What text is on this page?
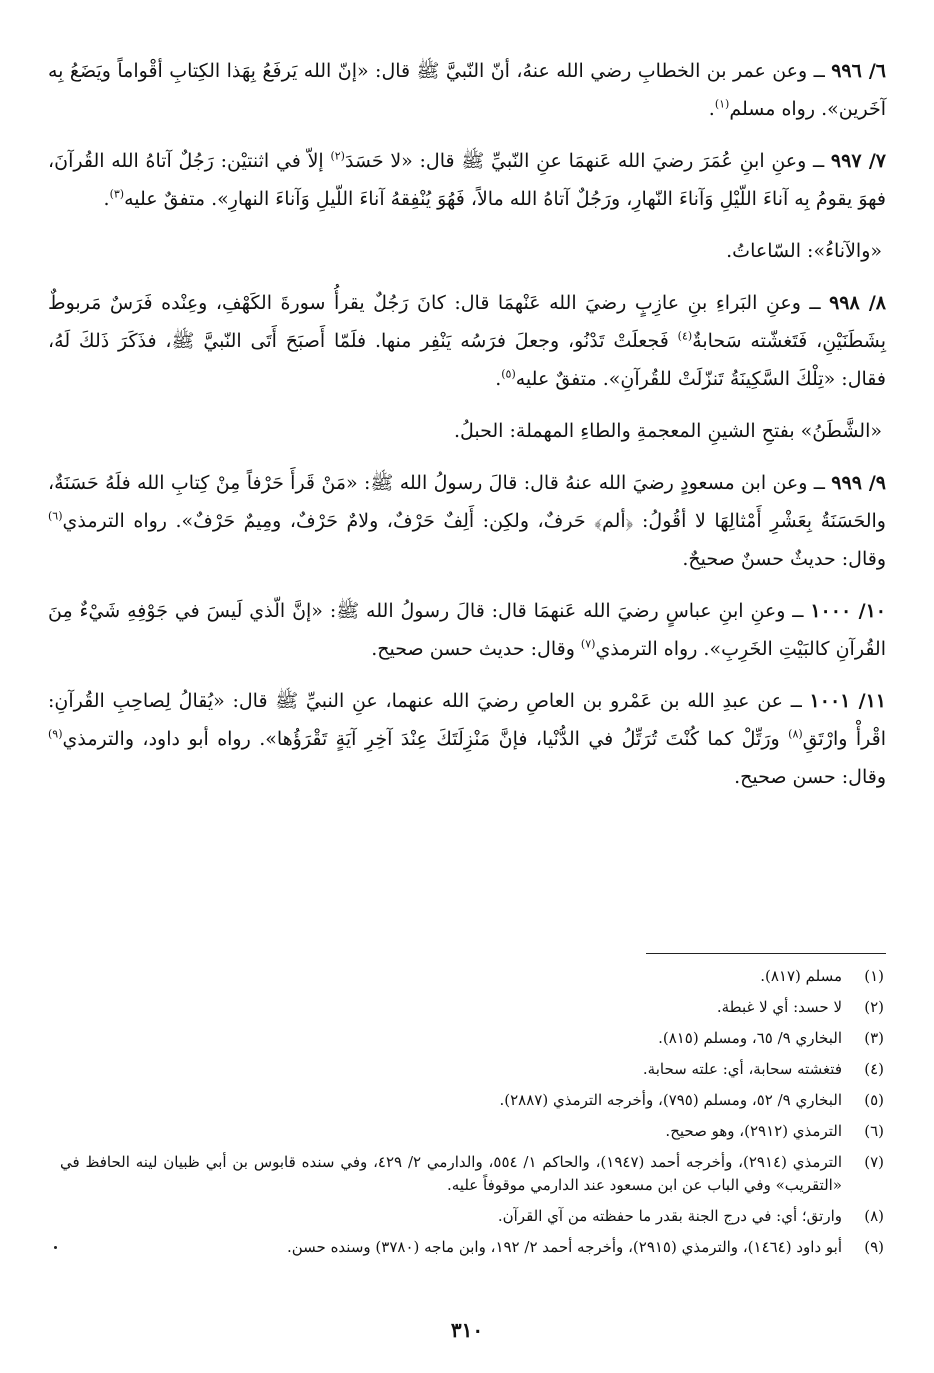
٦/ ٩٩٦ ــ وعن عمر بن الخطابِ رضي الله عنهُ، أنّ النّبيَّ ﷺ قال: «إنّ الله يَرفَعُ بِهَذا الكِتابِ أقْواماً ويَضَعُ بِه آخَرين». رواه مسلم$^{(١)}$.

٧/ ٩٩٧ ــ وعنِ ابنِ عُمَرَ رضيَ الله عَنهمَا عنِ النّبيِّ ﷺ قال: «لا حَسَدَ$^{(٢)}$ إلاّ في اثنتيْن: رَجُلٌ آتاهُ الله القُرآنَ، فهوَ يقومُ بِه آناءَ اللّيْلِ وَآناءَ النّهارِ، ورَجُلٌ آتاهُ الله مالاً، فَهُوَ يُنْفِقهُ آناءَ اللّيلِ وَآناءَ النهارِ». متفقٌ عليه$^{(٣)}$.

«والآناءُ»: السّاعاتُ.

٨/ ٩٩٨ ــ وعنِ البَراءِ بنِ عازِبٍ رضيَ الله عَنْهمَا قال: كانَ رَجُلٌ يقرأُ سورةَ الكَهْفِ، وعِنْده فَرَسٌ مَربوطٌ بِشَطَنَيْنِ، فَتَغشّته سَحابةٌ$^{(٤)}$ فَجعلَتْ تَدْنُو، وجعلَ فرَسُه يَنْفِر منها. فلَمّا أَصبَحَ أَتَى النّبيَّ ﷺ، فذَكَرَ ذَلكَ لَهُ، فقال: «تِلْكَ السَّكِينَةُ تَنزّلَتْ للقُرآنِ». متفقٌ عليه$^{(٥)}$.

«الشَّطَنُ» بفتحِ الشينِ المعجمةِ والطاءِ المهملة: الحبلُ.

٩/ ٩٩٩ ــ وعن ابن مسعودٍ رضيَ الله عنهُ قال: قالَ رسولُ الله ﷺ: «مَنْ قَرأَ حَرْفاً مِنْ كِتابِ الله فلَهُ حَسَنَةٌ، والحَسَنَةُ بِعَشْرِ أَمْثالِهَا لا أقُولُ: ﴿ألم﴾ حَرفٌ، ولكِن: أَلِفٌ حَرْفٌ، ولامٌ حَرْفٌ، ومِيمٌ حَرْفٌ». رواه الترمذي$^{(٦)}$ وقال: حديثٌ حسنٌ صحيحٌ.

١٠/ ١٠٠٠ ــ وعنِ ابنِ عباسٍ رضيَ الله عَنهمَا قال: قالَ رسولُ الله ﷺ: «إنَّ الّذي لَيسَ في جَوْفِهِ شَيْءٌ مِنَ القُرآنِ كالبَيْتِ الخَرِبِ». رواه الترمذي$^{(٧)}$ وقال: حديث حسن صحيح.

١١/ ١٠٠١ ــ عن عبدِ الله بن عَمْرو بن العاصِ رضيَ الله عنهما، عنِ النبيِّ ﷺ قال: «يُقالُ لِصاحِبِ القُرآنِ: اقْرأْ وارْتَقِ$^{(٨)}$ ورَتِّلْ كما كُنْتَ تُرَتِّلُ في الدُّنْيا، فإنَّ مَنْزِلَتَكَ عِنْدَ آخِرِ آيَةٍ تَقْرَؤُها». رواه أبو داود، والترمذي$^{(٩)}$ وقال: حسن صحيح.

(١)
مسلم (٨١٧).
(٢)
لا حسد: أي لا غبطة.
(٣)
البخاري ٩/ ٦٥، ومسلم (٨١٥).
(٤)
فتغشته سحابة، أي: علته سحابة.
(٥)
البخاري ٩/ ٥٢، ومسلم (٧٩٥)، وأخرجه الترمذي (٢٨٨٧).
(٦)
الترمذي (٢٩١٢)، وهو صحيح.
(٧)
الترمذي (٢٩١٤)، وأخرجه أحمد (١٩٤٧)، والحاكم ١/ ٥٥٤، والدارمي ٢/ ٤٢٩، وفي سنده قابوس بن أبي ظبيان لينه الحافظ في «التقريب» وفي الباب عن ابن مسعود عند الدارمي موقوفاً عليه.
(٨)
وارتق؛ أي: في درج الجنة بقدر ما حفظته من آي القرآن.
(٩)
أبو داود (١٤٦٤)، والترمذي (٢٩١٥)، وأخرجه أحمد ٢/ ١٩٢، وابن ماجه (٣٧٨٠) وسنده حسن.
٣١٠
